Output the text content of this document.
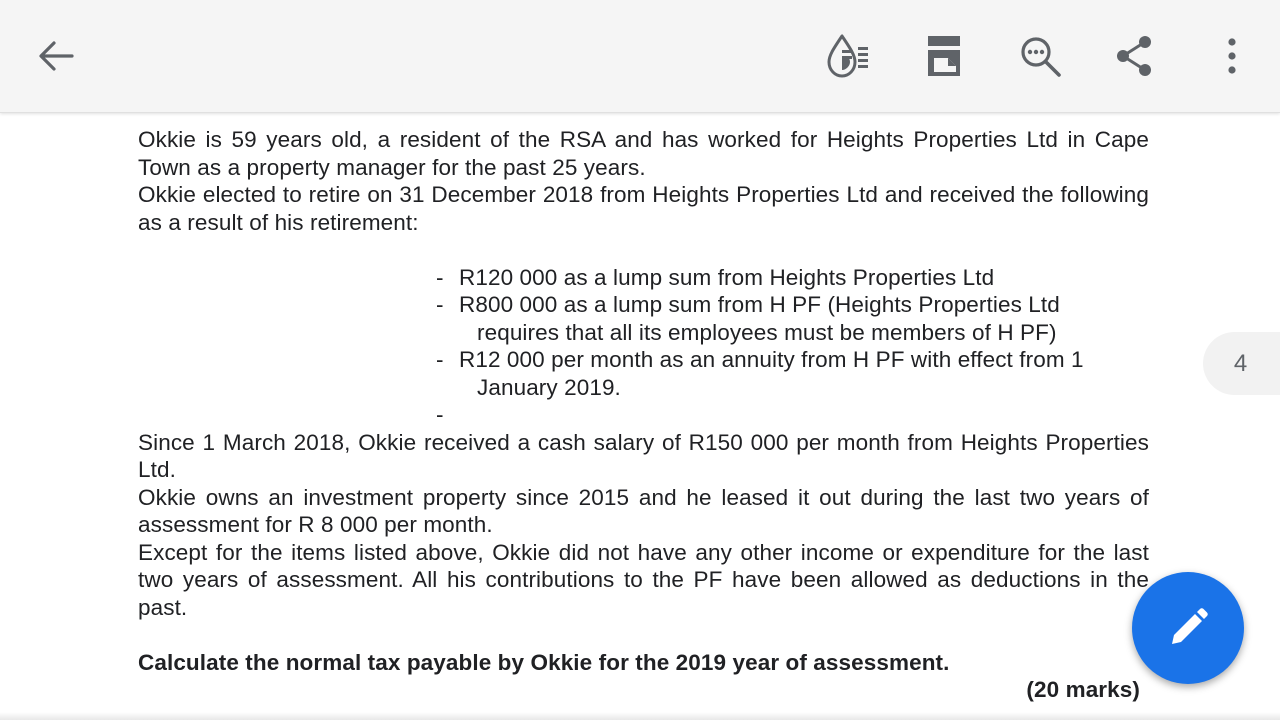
Okkie is 59 years old, a resident of the RSA and has worked for Heights Properties Ltd in Cape Town as a property manager for the past 25 years.

Okkie elected to retire on 31 December 2018 from Heights Properties Ltd and received the following as a result of his retirement:

- R120 000 as a lump sum from Heights Properties Ltd
- R800 000 as a lump sum from H PF (Heights Properties Ltd
requires that all its employees must be members of H PF)
- R12 000 per month as an annuity from H PF with effect from 1
January 2019.
-

Since 1 March 2018, Okkie received a cash salary of R150 000 per month from Heights Properties Ltd.

Okkie owns an investment property since 2015 and he leased it out during the last two years of assessment for R 8 000 per month.

Except for the items listed above, Okkie did not have any other income or expenditure for the last two years of assessment. All his contributions to the PF have been allowed as deductions in the past.

Calculate the normal tax payable by Okkie for the 2019 year of assessment.

(20 marks)
4
